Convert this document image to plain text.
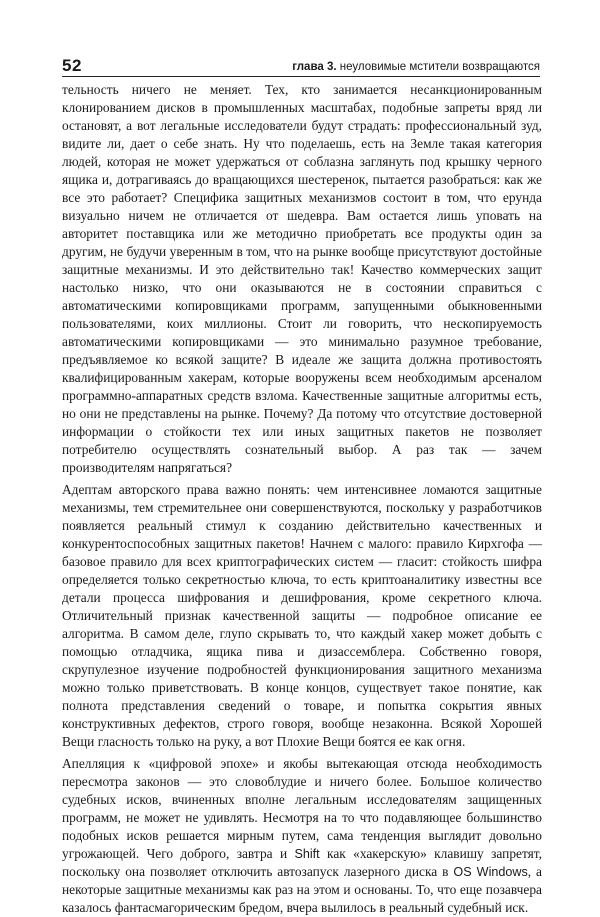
52	глава 3. неуловимые мстители возвращаются

тельность ничего не меняет. Тех, кто занимается несанкционированным клонированием дисков в промышленных масштабах, подобные запреты вряд ли остановят, а вот легальные исследователи будут страдать: профессиональный зуд, видите ли, дает о себе знать. Ну что поделаешь, есть на Земле такая категория людей, которая не может удержаться от соблазна заглянуть под крышку черного ящика и, дотрагиваясь до вращающихся шестеренок, пытается разобраться: как же все это работает? Специфика защитных механизмов состоит в том, что ерунда визуально ничем не отличается от шедевра. Вам остается лишь уповать на авторитет поставщика или же методично приобретать все продукты один за другим, не будучи уверенным в том, что на рынке вообще присутствуют достойные защитные механизмы. И это действительно так! Качество коммерческих защит настолько низко, что они оказываются не в состоянии справиться с автоматическими копировщиками программ, запущенными обыкновенными пользователями, коих миллионы. Стоит ли говорить, что нескопируемость автоматическими копировщиками — это минимально разумное требование, предъявляемое ко всякой защите? В идеале же защита должна противостоять квалифицированным хакерам, которые вооружены всем необходимым арсеналом программно-аппаратных средств взлома. Качественные защитные алгоритмы есть, но они не представлены на рынке. Почему? Да потому что отсутствие достоверной информации о стойкости тех или иных защитных пакетов не позволяет потребителю осуществлять сознательный выбор. А раз так — зачем производителям напрягаться?

Адептам авторского права важно понять: чем интенсивнее ломаются защитные механизмы, тем стремительнее они совершенствуются, поскольку у разработчиков появляется реальный стимул к созданию действительно качественных и конкурентоспособных защитных пакетов! Начнем с малого: правило Кирхгофа — базовое правило для всех криптографических систем — гласит: стойкость шифра определяется только секретностью ключа, то есть криптоаналитику известны все детали процесса шифрования и дешифрования, кроме секретного ключа. Отличительный признак качественной защиты — подробное описание ее алгоритма. В самом деле, глупо скрывать то, что каждый хакер может добыть с помощью отладчика, ящика пива и дизассемблера. Собственно говоря, скрупулезное изучение подробностей функционирования защитного механизма можно только приветствовать. В конце концов, существует такое понятие, как полнота представления сведений о товаре, и попытка сокрытия явных конструктивных дефектов, строго говоря, вообще незаконна. Всякой Хорошей Вещи гласность только на руку, а вот Плохие Вещи боятся ее как огня.

Апелляция к «цифровой эпохе» и якобы вытекающая отсюда необходимость пересмотра законов — это словоблудие и ничего более. Большое количество судебных исков, вчиненных вполне легальным исследователям защищенных программ, не может не удивлять. Несмотря на то что подавляющее большинство подобных исков решается мирным путем, сама тенденция выглядит довольно угрожающей. Чего доброго, завтра и Shift как «хакерскую» клавишу запретят, поскольку она позволяет отключить автозапуск лазерного диска в OS Windows, а некоторые защитные механизмы как раз на этом и основаны. То, что еще позавчера казалось фантасмагорическим бредом, вчера вылилось в реальный судебный иск.
